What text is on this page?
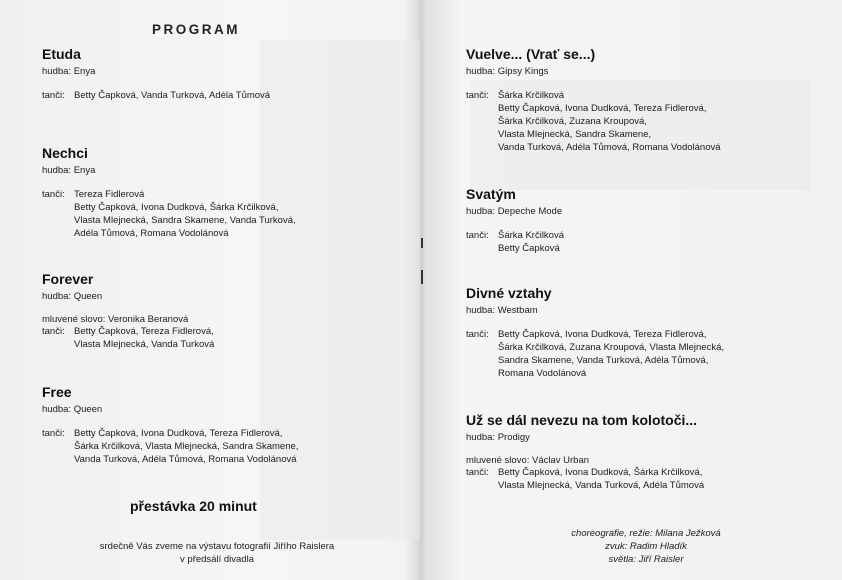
PROGRAM
Etuda
hudba: Enya
tanči: Betty Čapková, Vanda Turková, Adéla Tůmová
Nechci
hudba: Enya
tanči: Tereza Fidlerová
Betty Čapková, Ivona Dudková, Šárka Krčilková,
Vlasta Mlejnecká, Sandra Skamene, Vanda Turková,
Adéla Tůmová, Romana Vodolánová
Forever
hudba: Queen
mluvené slovo: Veronika Beranová
tanči: Betty Čapková, Tereza Fidlerová,
Vlasta Mlejnecká, Vanda Turková
Free
hudba: Queen
tanči: Betty Čapková, Ivona Dudková, Tereza Fidlerová,
Šárka Krčilková, Vlasta Mlejnecká, Sandra Skamene,
Vanda Turková, Adéla Tůmová, Romana Vodolánová
přestávka 20 minut
srdečně Vás zveme na výstavu fotografií Jiřího Raislera
v předsálí divadla
Vuelve... (Vrať se...)
hudba: Gipsy Kings
tanči: Šárka Krčilková
Betty Čapková, Ivona Dudková, Tereza Fidlerová,
Šárka Krčilková, Zuzana Kroupová,
Vlasta Mlejnecká, Sandra Skamene,
Vanda Turková, Adéla Tůmová, Romana Vodolánová
Svatým
hudba: Depeche Mode
tanči: Šárka Krčilková
Betty Čapková
Divné vztahy
hudba: Westbam
tanči: Betty Čapková, Ivona Dudková, Tereza Fidlerová,
Šárka Krčilková, Zuzana Kroupová, Vlasta Mlejnecká,
Sandra Skamene, Vanda Turková, Adéla Tůmová,
Romana Vodolánová
Už se dál nevezu na tom kolotoči...
hudba: Prodigy
mluvené slovo: Václav Urban
tanči: Betty Čapková, Ivona Dudková, Šárka Krčilková,
Vlasta Mlejnecká, Vanda Turková, Adéla Tůmová
choreografie, režie: Milana Ježková
zvuk: Radim Hladík
světla: Jiří Raisler
